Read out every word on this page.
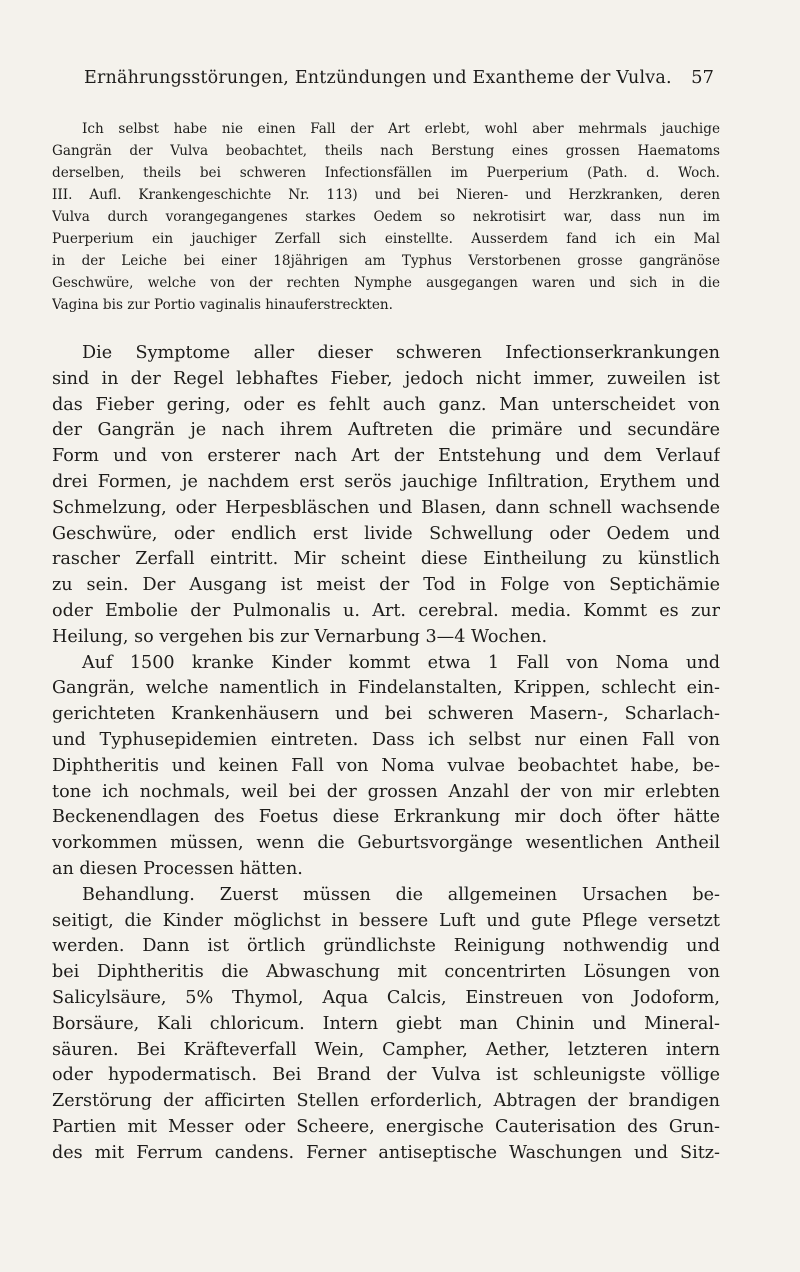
Ernährungsstörungen, Entzündungen und Exantheme der Vulva. 57
Ich selbst habe nie einen Fall der Art erlebt, wohl aber mehrmals jauchige
Gangrän der Vulva beobachtet, theils nach Berstung eines grossen Haematoms
derselben, theils bei schweren Infectionsfällen im Puerperium (Path. d. Woch.
III. Aufl. Krankengeschichte Nr. 113) und bei Nieren- und Herzkranken, deren
Vulva durch vorangegangenes starkes Oedem so nekrotisirt war, dass nun im
Puerperium ein jauchiger Zerfall sich einstellte. Ausserdem fand ich ein Mal
in der Leiche bei einer 18jährigen am Typhus Verstorbenen grosse gangränöse
Geschwüre, welche von der rechten Nymphe ausgegangen waren und sich in die
Vagina bis zur Portio vaginalis hinauferstreckten.
Die Symptome aller dieser schweren Infectionserkrankungen
sind in der Regel lebhaftes Fieber, jedoch nicht immer, zuweilen ist
das Fieber gering, oder es fehlt auch ganz. Man unterscheidet von
der Gangrän je nach ihrem Auftreten die primäre und secundäre
Form und von ersterer nach Art der Entstehung und dem Verlauf
drei Formen, je nachdem erst serös jauchige Infiltration, Erythem und
Schmelzung, oder Herpesbläschen und Blasen, dann schnell wachsende
Geschwüre, oder endlich erst livide Schwellung oder Oedem und
rascher Zerfall eintritt. Mir scheint diese Eintheilung zu künstlich
zu sein. Der Ausgang ist meist der Tod in Folge von Septichämie
oder Embolie der Pulmonalis u. Art. cerebral. media. Kommt es zur
Heilung, so vergehen bis zur Vernarbung 3—4 Wochen.
Auf 1500 kranke Kinder kommt etwa 1 Fall von Noma und
Gangrän, welche namentlich in Findelanstalten, Krippen, schlecht ein-
gerichteten Krankenhäusern und bei schweren Masern-, Scharlach-
und Typhusepidemien eintreten. Dass ich selbst nur einen Fall von
Diphtheritis und keinen Fall von Noma vulvae beobachtet habe, be-
tone ich nochmals, weil bei der grossen Anzahl der von mir erlebten
Beckenendlagen des Foetus diese Erkrankung mir doch öfter hätte
vorkommen müssen, wenn die Geburtsvorgänge wesentlichen Antheil
an diesen Processen hätten.
Behandlung. Zuerst müssen die allgemeinen Ursachen be-
seitigt, die Kinder möglichst in bessere Luft und gute Pflege versetzt
werden. Dann ist örtlich gründlichste Reinigung nothwendig und
bei Diphtheritis die Abwaschung mit concentrirten Lösungen von
Salicylsäure, 5% Thymol, Aqua Calcis, Einstreuen von Jodoform,
Borsäure, Kali chloricum. Intern giebt man Chinin und Mineral-
säuren. Bei Kräfteverfall Wein, Campher, Aether, letzteren intern
oder hypodermatisch. Bei Brand der Vulva ist schleunigste völlige
Zerstörung der afficirten Stellen erforderlich, Abtragen der brandigen
Partien mit Messer oder Scheere, energische Cauterisation des Grun-
des mit Ferrum candens. Ferner antiseptische Waschungen und Sitz-
